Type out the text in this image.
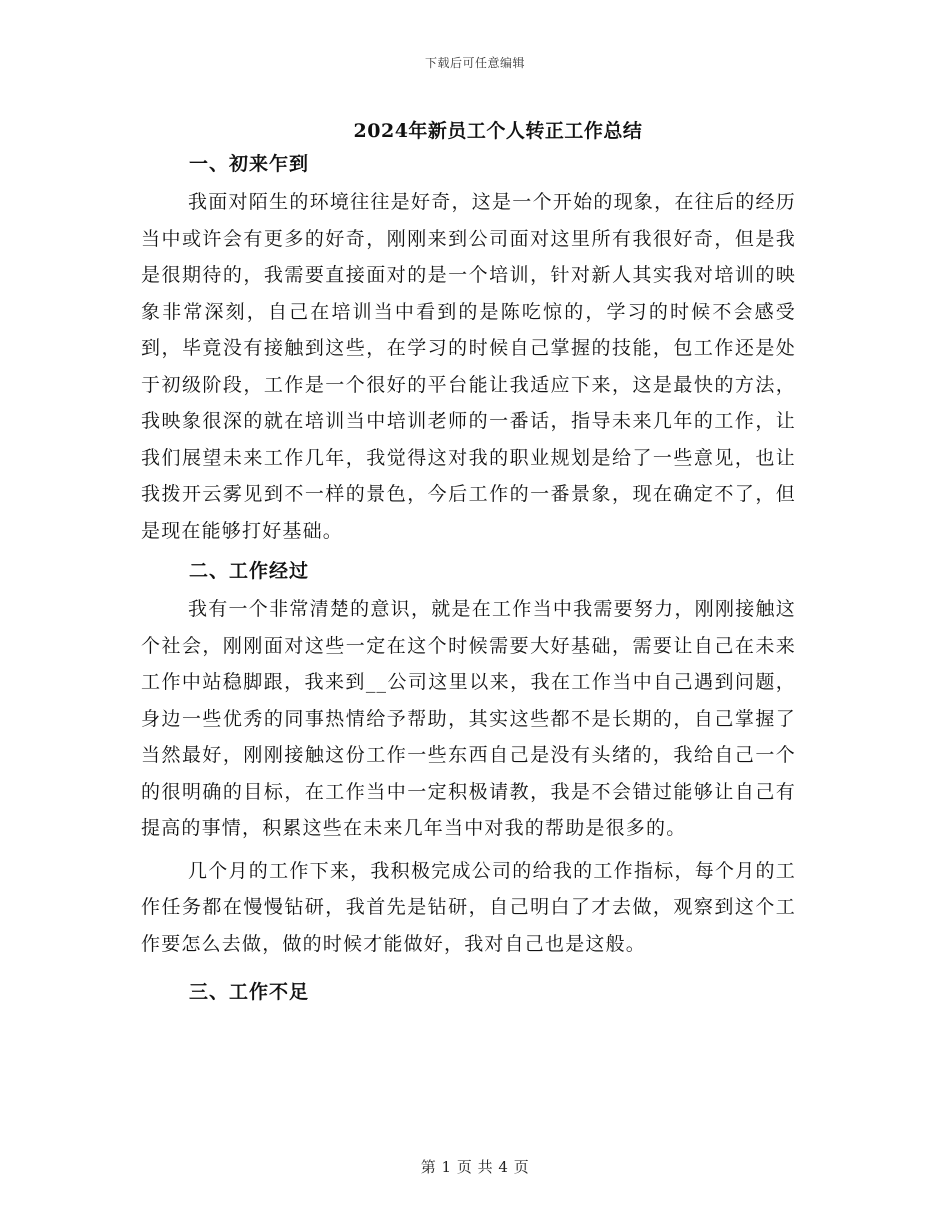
下载后可任意编辑
2024年新员工个人转正工作总结
一、初来乍到

我面对陌生的环境往往是好奇，这是一个开始的现象，在往后的经历当中或许会有更多的好奇，刚刚来到公司面对这里所有我很好奇，但是我是很期待的，我需要直接面对的是一个培训，针对新人其实我对培训的映象非常深刻，自己在培训当中看到的是陈吃惊的，学习的时候不会感受到，毕竟没有接触到这些，在学习的时候自己掌握的技能，包工作还是处于初级阶段，工作是一个很好的平台能让我适应下来，这是最快的方法，我映象很深的就在培训当中培训老师的一番话，指导未来几年的工作，让我们展望未来工作几年，我觉得这对我的职业规划是给了一些意见，也让我拨开云雾见到不一样的景色，今后工作的一番景象，现在确定不了，但是现在能够打好基础。

二、工作经过

我有一个非常清楚的意识，就是在工作当中我需要努力，刚刚接触这个社会，刚刚面对这些一定在这个时候需要大好基础，需要让自己在未来工作中站稳脚跟，我来到__公司这里以来，我在工作当中自己遇到问题，身边一些优秀的同事热情给予帮助，其实这些都不是长期的，自己掌握了当然最好，刚刚接触这份工作一些东西自己是没有头绪的，我给自己一个的很明确的目标，在工作当中一定积极请教，我是不会错过能够让自己有提高的事情，积累这些在未来几年当中对我的帮助是很多的。

几个月的工作下来，我积极完成公司的给我的工作指标，每个月的工作任务都在慢慢钻研，我首先是钻研，自己明白了才去做，观察到这个工作要怎么去做，做的时候才能做好，我对自己也是这般。

三、工作不足
第 1 页 共 4 页
